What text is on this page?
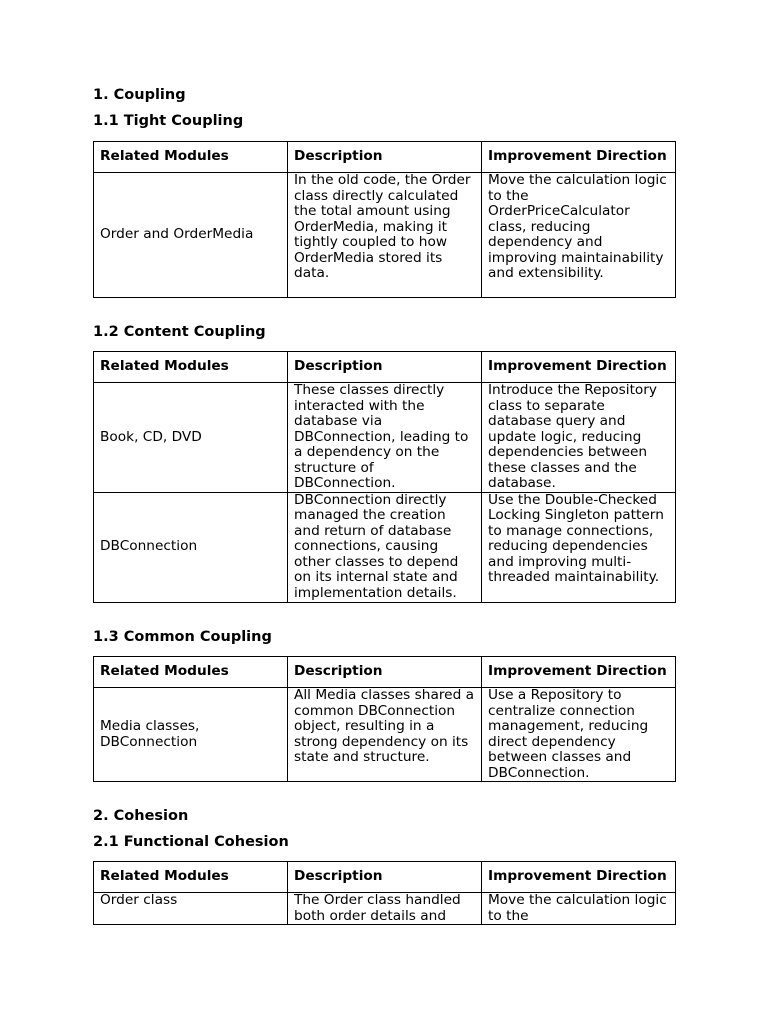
1. Coupling
1.1 Tight Coupling
Related Modules	Description	Improvement Direction
Order and OrderMedia	In the old code, the Order class directly calculated the total amount using OrderMedia, making it tightly coupled to how OrderMedia stored its data.	Move the calculation logic to the OrderPriceCalculator class, reducing dependency and improving maintainability and extensibility.
1.2 Content Coupling
Related Modules	Description	Improvement Direction
Book, CD, DVD	These classes directly interacted with the database via DBConnection, leading to a dependency on the structure of DBConnection.	Introduce the Repository class to separate database query and update logic, reducing dependencies between these classes and the database.
DBConnection	DBConnection directly managed the creation and return of database connections, causing other classes to depend on its internal state and implementation details.	Use the Double-Checked Locking Singleton pattern to manage connections, reducing dependencies and improving multi-threaded maintainability.
1.3 Common Coupling
Related Modules	Description	Improvement Direction
Media classes, DBConnection	All Media classes shared a common DBConnection object, resulting in a strong dependency on its state and structure.	Use a Repository to centralize connection management, reducing direct dependency between classes and DBConnection.
2. Cohesion
2.1 Functional Cohesion
Related Modules	Description	Improvement Direction
Order class	The Order class handled both order details and	Move the calculation logic to the
